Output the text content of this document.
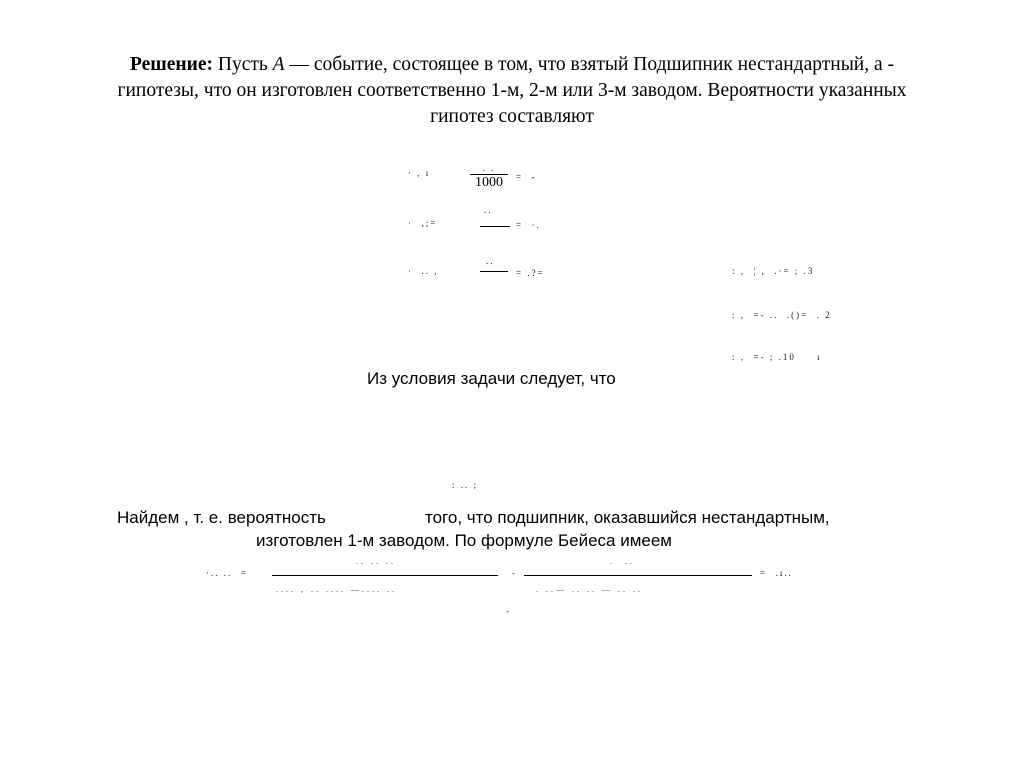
Решение: Пусть A — событие, состоящее в том, что взятый Подшипник нестандартный, а - гипотезы, что он изготовлен соответственно 1-м, 2-м или 3-м заводом. Вероятности указанных гипотез составляют
· , ı	. .
1000 =  -
·  ,;=
..
=  ·.
·  .. ,
..
= .?=	: ,  ¦ ,  .·= ; .3
: ,  =- ..  .()=  . 2
: ,  =- ; .10     ı
Из условия задачи следует, что
: .. ;
Найдем , т. е. вероятность	того, что подшипник, оказавшийся нестандартным,
изготовлен 1-м заводом. По формуле Бейеса имеем
·.. ..  =
.. .. ..
.... , .. .... —.... ..
-
.  ..
. ..— .. .. — .. ..
=  .ı..
-
